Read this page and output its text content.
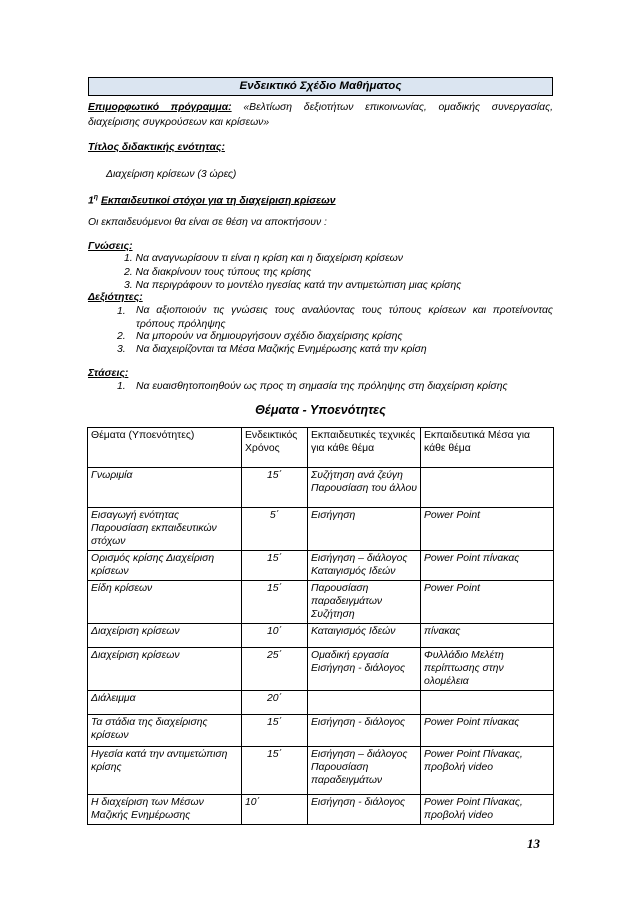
Ενδεικτικό Σχέδιο Μαθήματος
Επιμορφωτικό πρόγραμμα: «Βελτίωση δεξιοτήτων επικοινωνίας, ομαδικής συνεργασίας,
διαχείρισης συγκρούσεων και κρίσεων»
Τίτλος διδακτικής ενότητας:
Διαχείριση κρίσεων (3 ώρες)
$1^\eta$ Εκπαιδευτικοί στόχοι για τη διαχείριση κρίσεων
Οι εκπαιδευόμενοι θα είναι σε θέση να αποκτήσουν :
Γνώσεις:
1. Να αναγνωρίσουν τι είναι η κρίση και η διαχείριση κρίσεων
2. Να διακρίνουν τους τύπους της κρίσης
3. Να περιγράφουν το μοντέλο ηγεσίας κατά την αντιμετώπιση μιας κρίσης
Δεξιότητες:
1. Να αξιοποιούν τις γνώσεις τους αναλύοντας τους τύπους κρίσεων και προτείνοντας
τρόπους πρόληψης
2. Να μπορούν να δημιουργήσουν σχέδιο διαχείρισης κρίσης
3. Να διαχειρίζονται τα Μέσα Μαζικής Ενημέρωσης κατά την κρίση
Στάσεις:
1. Να ευαισθητοποιηθούν ως προς τη σημασία της πρόληψης στη διαχείριση κρίσης
Θέματα - Υποενότητες
Θέματα (Υποενότητες)	Ενδεικτικός Χρόνος	Εκπαιδευτικές τεχνικές για κάθε θέμα	Εκπαιδευτικά Μέσα για κάθε θέμα
Γνωριμία	15΄	Συζήτηση ανά ζεύγη Παρουσίαση του άλλου	
Εισαγωγή ενότητας Παρουσίαση εκπαιδευτικών στόχων	5΄	Εισήγηση	Power Point
Ορισμός κρίσης Διαχείριση κρίσεων	15΄	Εισήγηση – διάλογος Καταιγισμός Ιδεών	Power Point πίνακας
Είδη κρίσεων	15΄	Παρουσίαση παραδειγμάτων Συζήτηση	Power Point
Διαχείριση κρίσεων	10΄	Καταιγισμός Ιδεών	πίνακας
Διαχείριση κρίσεων	25΄	Ομαδική εργασία Εισήγηση - διάλογος	Φυλλάδιο Μελέτη περίπτωσης στην ολομέλεια
Διάλειμμα	20΄		
Τα στάδια της διαχείρισης κρίσεων	15΄	Εισήγηση - διάλογος	Power Point πίνακας
Ηγεσία κατά την αντιμετώπιση κρίσης	15΄	Εισήγηση – διάλογος Παρουσίαση παραδειγμάτων	Power Point Πίνακας, προβολή video
Η διαχείριση των Μέσων Μαζικής Ενημέρωσης	10΄	Εισήγηση - διάλογος	Power Point Πίνακας, προβολή video
13
